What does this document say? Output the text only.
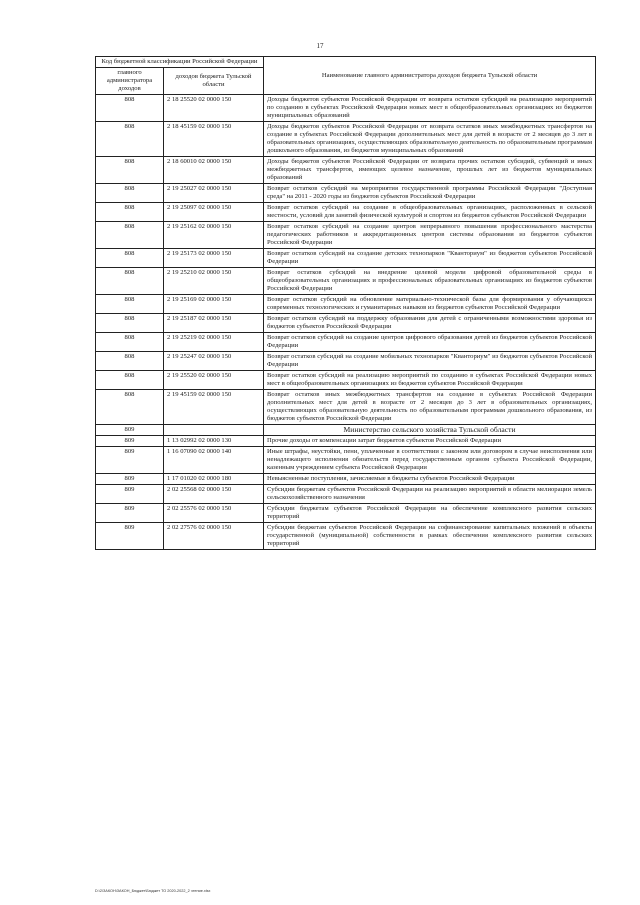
17
Код бюджетной классификации Российской Федерации		Наименование главного администратора доходов бюджета Тульской области
главного администратора доходов	доходов бюджета Тульской области	
808	2 18 25520 02 0000 150	Доходы бюджетов субъектов Российской Федерации от возврата остатков субсидий на реализацию мероприятий по созданию в субъектах Российской Федерации новых мест в общеобразовательных организациях из бюджетов муниципальных образований
808	2 18 45159 02 0000 150	Доходы бюджетов субъектов Российской Федерации от возврата остатков иных межбюджетных трансфертов на создание в субъектах Российской Федерации дополнительных мест для детей в возрасте от 2 месяцев до 3 лет в образовательных организациях, осуществляющих образовательную деятельность по образовательным программам дошкольного образования, из бюджетов муниципальных образований
808	2 18 60010 02 0000 150	Доходы бюджетов субъектов Российской Федерации от возврата прочих остатков субсидий, субвенций и иных межбюджетных трансфертов, имеющих целевое назначение, прошлых лет из бюджетов муниципальных образований
808	2 19 25027 02 0000 150	Возврат остатков субсидий на мероприятия государственной программы Российской Федерации "Доступная среда" на 2011 - 2020 годы из бюджетов субъектов Российской Федерации
808	2 19 25097 02 0000 150	Возврат остатков субсидий на создание в общеобразовательных организациях, расположенных в сельской местности, условий для занятий физической культурой и спортом из бюджетов субъектов Российской Федерации
808	2 19 25162 02 0000 150	Возврат остатков субсидий на создание центров непрерывного повышения профессионального мастерства педагогических работников и аккредитационных центров системы образования из бюджетов субъектов Российской Федерации
808	2 19 25173 02 0000 150	Возврат остатков субсидий на создание детских технопарков "Кванториум" из бюджетов субъектов Российской Федерации
808	2 19 25210 02 0000 150	Возврат остатков субсидий на внедрение целевой модели цифровой образовательной среды в общеобразовательных организациях и профессиональных образовательных организациях из бюджетов субъектов Российской Федерации
808	2 19 25169 02 0000 150	Возврат остатков субсидий на обновление материально-технической базы для формирования у обучающихся современных технологических и гуманитарных навыков из бюджетов субъектов Российской Федерации
808	2 19 25187 02 0000 150	Возврат остатков субсидий на поддержку образования для детей с ограниченными возможностями здоровья из бюджетов субъектов Российской Федерации
808	2 19 25219 02 0000 150	Возврат остатков субсидий на создание центров цифрового образования детей из бюджетов субъектов Российской Федерации
808	2 19 25247 02 0000 150	Возврат остатков субсидий на создание мобильных технопарков "Кванториум" из бюджетов субъектов Российской Федерации
808	2 19 25520 02 0000 150	Возврат остатков субсидий на реализацию мероприятий по созданию в субъектах Российской Федерации новых мест в общеобразовательных организациях из бюджетов субъектов Российской Федерации
808	2 19 45159 02 0000 150	Возврат остатков иных межбюджетных трансфертов на создание в субъектах Российской Федерации дополнительных мест для детей в возрасте от 2 месяцев до 3 лет в образовательных организациях, осуществляющих образовательную деятельность по образовательным программам дошкольного образования, из бюджетов субъектов Российской Федерации
809		Министерство сельского хозяйства Тульской области
809	1 13 02992 02 0000 130	Прочие доходы от компенсации затрат бюджетов субъектов Российской Федерации
809	1 16 07090 02 0000 140	Иные штрафы, неустойки, пени, уплаченные в соответствии с законом или договором в случае неисполнения или ненадлежащего исполнения обязательств перед государственным органом субъекта Российской Федерации, казенным учреждением субъекта Российской Федерации
809	1 17 01020 02 0000 180	Невыясненные поступления, зачисляемые в бюджеты субъектов Российской Федерации
809	2 02 25568 02 0000 150	Субсидии бюджетам субъектов Российской Федерации на реализацию мероприятий в области мелиорации земель сельскохозяйственного назначения
809	2 02 25576 02 0000 150	Субсидии бюджетам субъектов Российской Федерации на обеспечение комплексного развития сельских территорий
809	2 02 27576 02 0000 150	Субсидии бюджетам субъектов Российской Федерации на софинансирование капитальных вложений в объекты государственной (муниципальной) собственности в рамках обеспечения комплексного развития сельских территорий
D:\2\ЗАКОН\ЗАКОН_Бюджет\Бюджет ТО 2020-2022_2 чтение.xlsx
